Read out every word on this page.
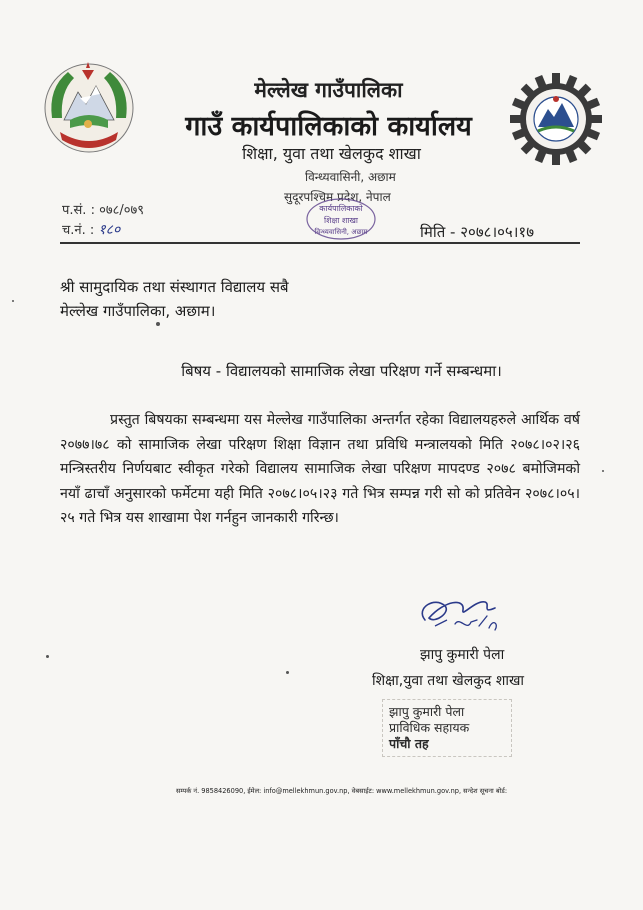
मेल्लेख गाउँपालिका
गाउँ कार्यपालिकाको कार्यालय
शिक्षा, युवा तथा खेलकुद शाखा
विन्ध्यवासिनी, अछाम
सुदूरपश्चिम प्रदेश, नेपाल
कार्यपालिकाको
शिक्षा शाखा
विन्ध्यवासिनी, अछाम
प.सं. : ०७८/०७९
च.नं. : १८०	मिति - २०७८।०५।१७
श्री सामुदायिक तथा संस्थागत विद्यालय सबै
मेल्लेख गाउँपालिका, अछाम।
बिषय - विद्यालयको सामाजिक लेखा परिक्षण गर्ने सम्बन्धमा।
प्रस्तुत बिषयका सम्बन्धमा यस मेल्लेख गाउँपालिका अन्तर्गत रहेका विद्यालयहरुले आर्थिक वर्ष २०७७।७८ को सामाजिक लेखा परिक्षण शिक्षा विज्ञान तथा प्रविधि मन्त्रालयको मिति २०७८।०२।२६ मन्त्रिस्तरीय निर्णयबाट स्वीकृत गरेको विद्यालय सामाजिक लेखा परिक्षण मापदण्ड २०७८ बमोजिमको नयाँ ढाचाँ अनुसारको फर्मेटमा यही मिति २०७८।०५।२३ गते भित्र सम्पन्न गरी सो को प्रतिवेन २०७८।०५।२५ गते भित्र यस शाखामा पेश गर्नहुन जानकारी गरिन्छ।
झापु कुमारी पेला
शिक्षा,युवा तथा खेलकुद शाखा
झापु कुमारी पेला
प्राविधिक सहायक
पाँचौ तह
सम्पर्क नं. 9858426090, ईमेल: info@mellekhmun.gov.np, वेबसाईट: www.mellekhmun.gov.np, सन्देश सूचना बोर्ड:
